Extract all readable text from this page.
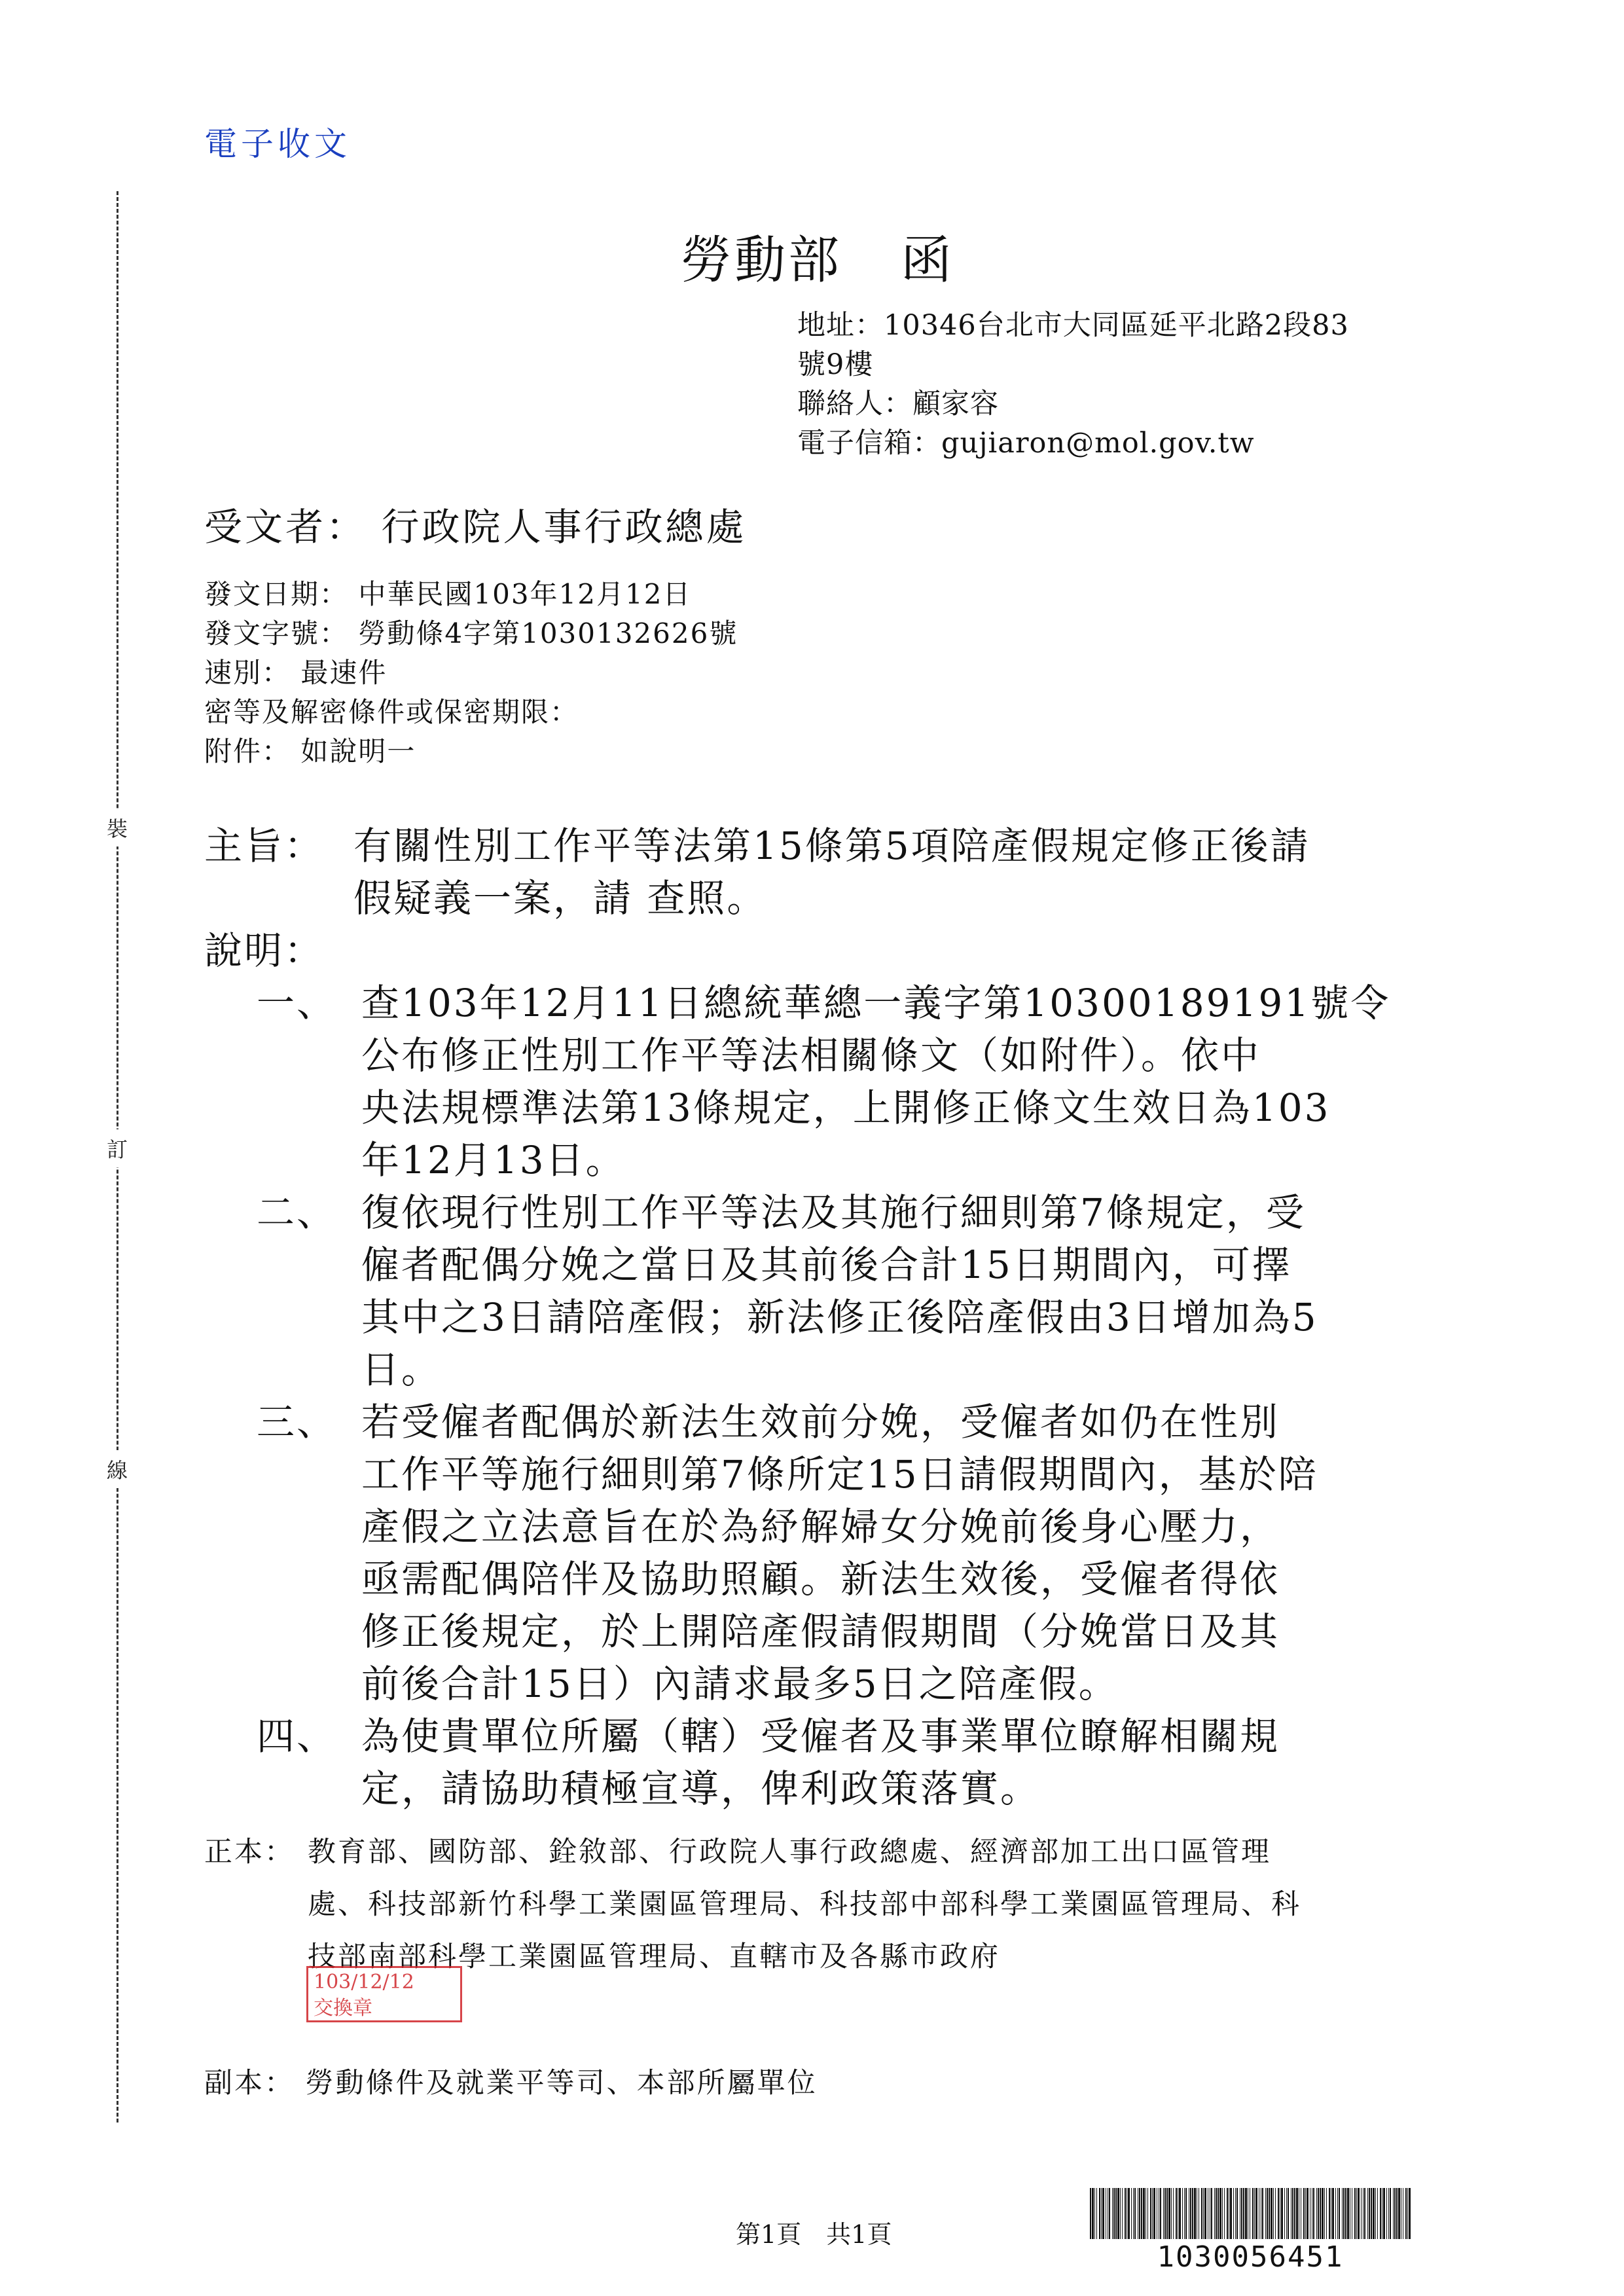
電子收文
裝
訂
線
勞動部 函
地址：10346台北市大同區延平北路2段83
號9樓
聯絡人：顧家容
電子信箱：gujiaron@mol.gov.tw
受文者： 行政院人事行政總處
發文日期： 中華民國103年12月12日
發文字號： 勞動條4字第1030132626號
速別： 最速件
密等及解密條件或保密期限：
附件： 如說明一
主旨： 有關性別工作平等法第15條第5項陪產假規定修正後請
假疑義一案，請 查照。
說明：
一、 查103年12月11日總統華總一義字第10300189191號令
公布修正性別工作平等法相關條文（如附件）。依中
央法規標準法第13條規定，上開修正條文生效日為103
年12月13日。
二、 復依現行性別工作平等法及其施行細則第7條規定，受
僱者配偶分娩之當日及其前後合計15日期間內，可擇
其中之3日請陪產假；新法修正後陪產假由3日增加為5
日。
三、 若受僱者配偶於新法生效前分娩，受僱者如仍在性別
工作平等施行細則第7條所定15日請假期間內，基於陪
產假之立法意旨在於為紓解婦女分娩前後身心壓力，
亟需配偶陪伴及協助照顧。新法生效後，受僱者得依
修正後規定，於上開陪產假請假期間（分娩當日及其
前後合計15日）內請求最多5日之陪產假。
四、 為使貴單位所屬（轄）受僱者及事業單位瞭解相關規
定，請協助積極宣導，俾利政策落實。
正本： 教育部、國防部、銓敘部、行政院人事行政總處、經濟部加工出口區管理
處、科技部新竹科學工業園區管理局、科技部中部科學工業園區管理局、科
技部南部科學工業園區管理局、直轄市及各縣市政府
103/12/12
交換章
副本： 勞動條件及就業平等司、本部所屬單位
第1頁　共1頁
1030056451
